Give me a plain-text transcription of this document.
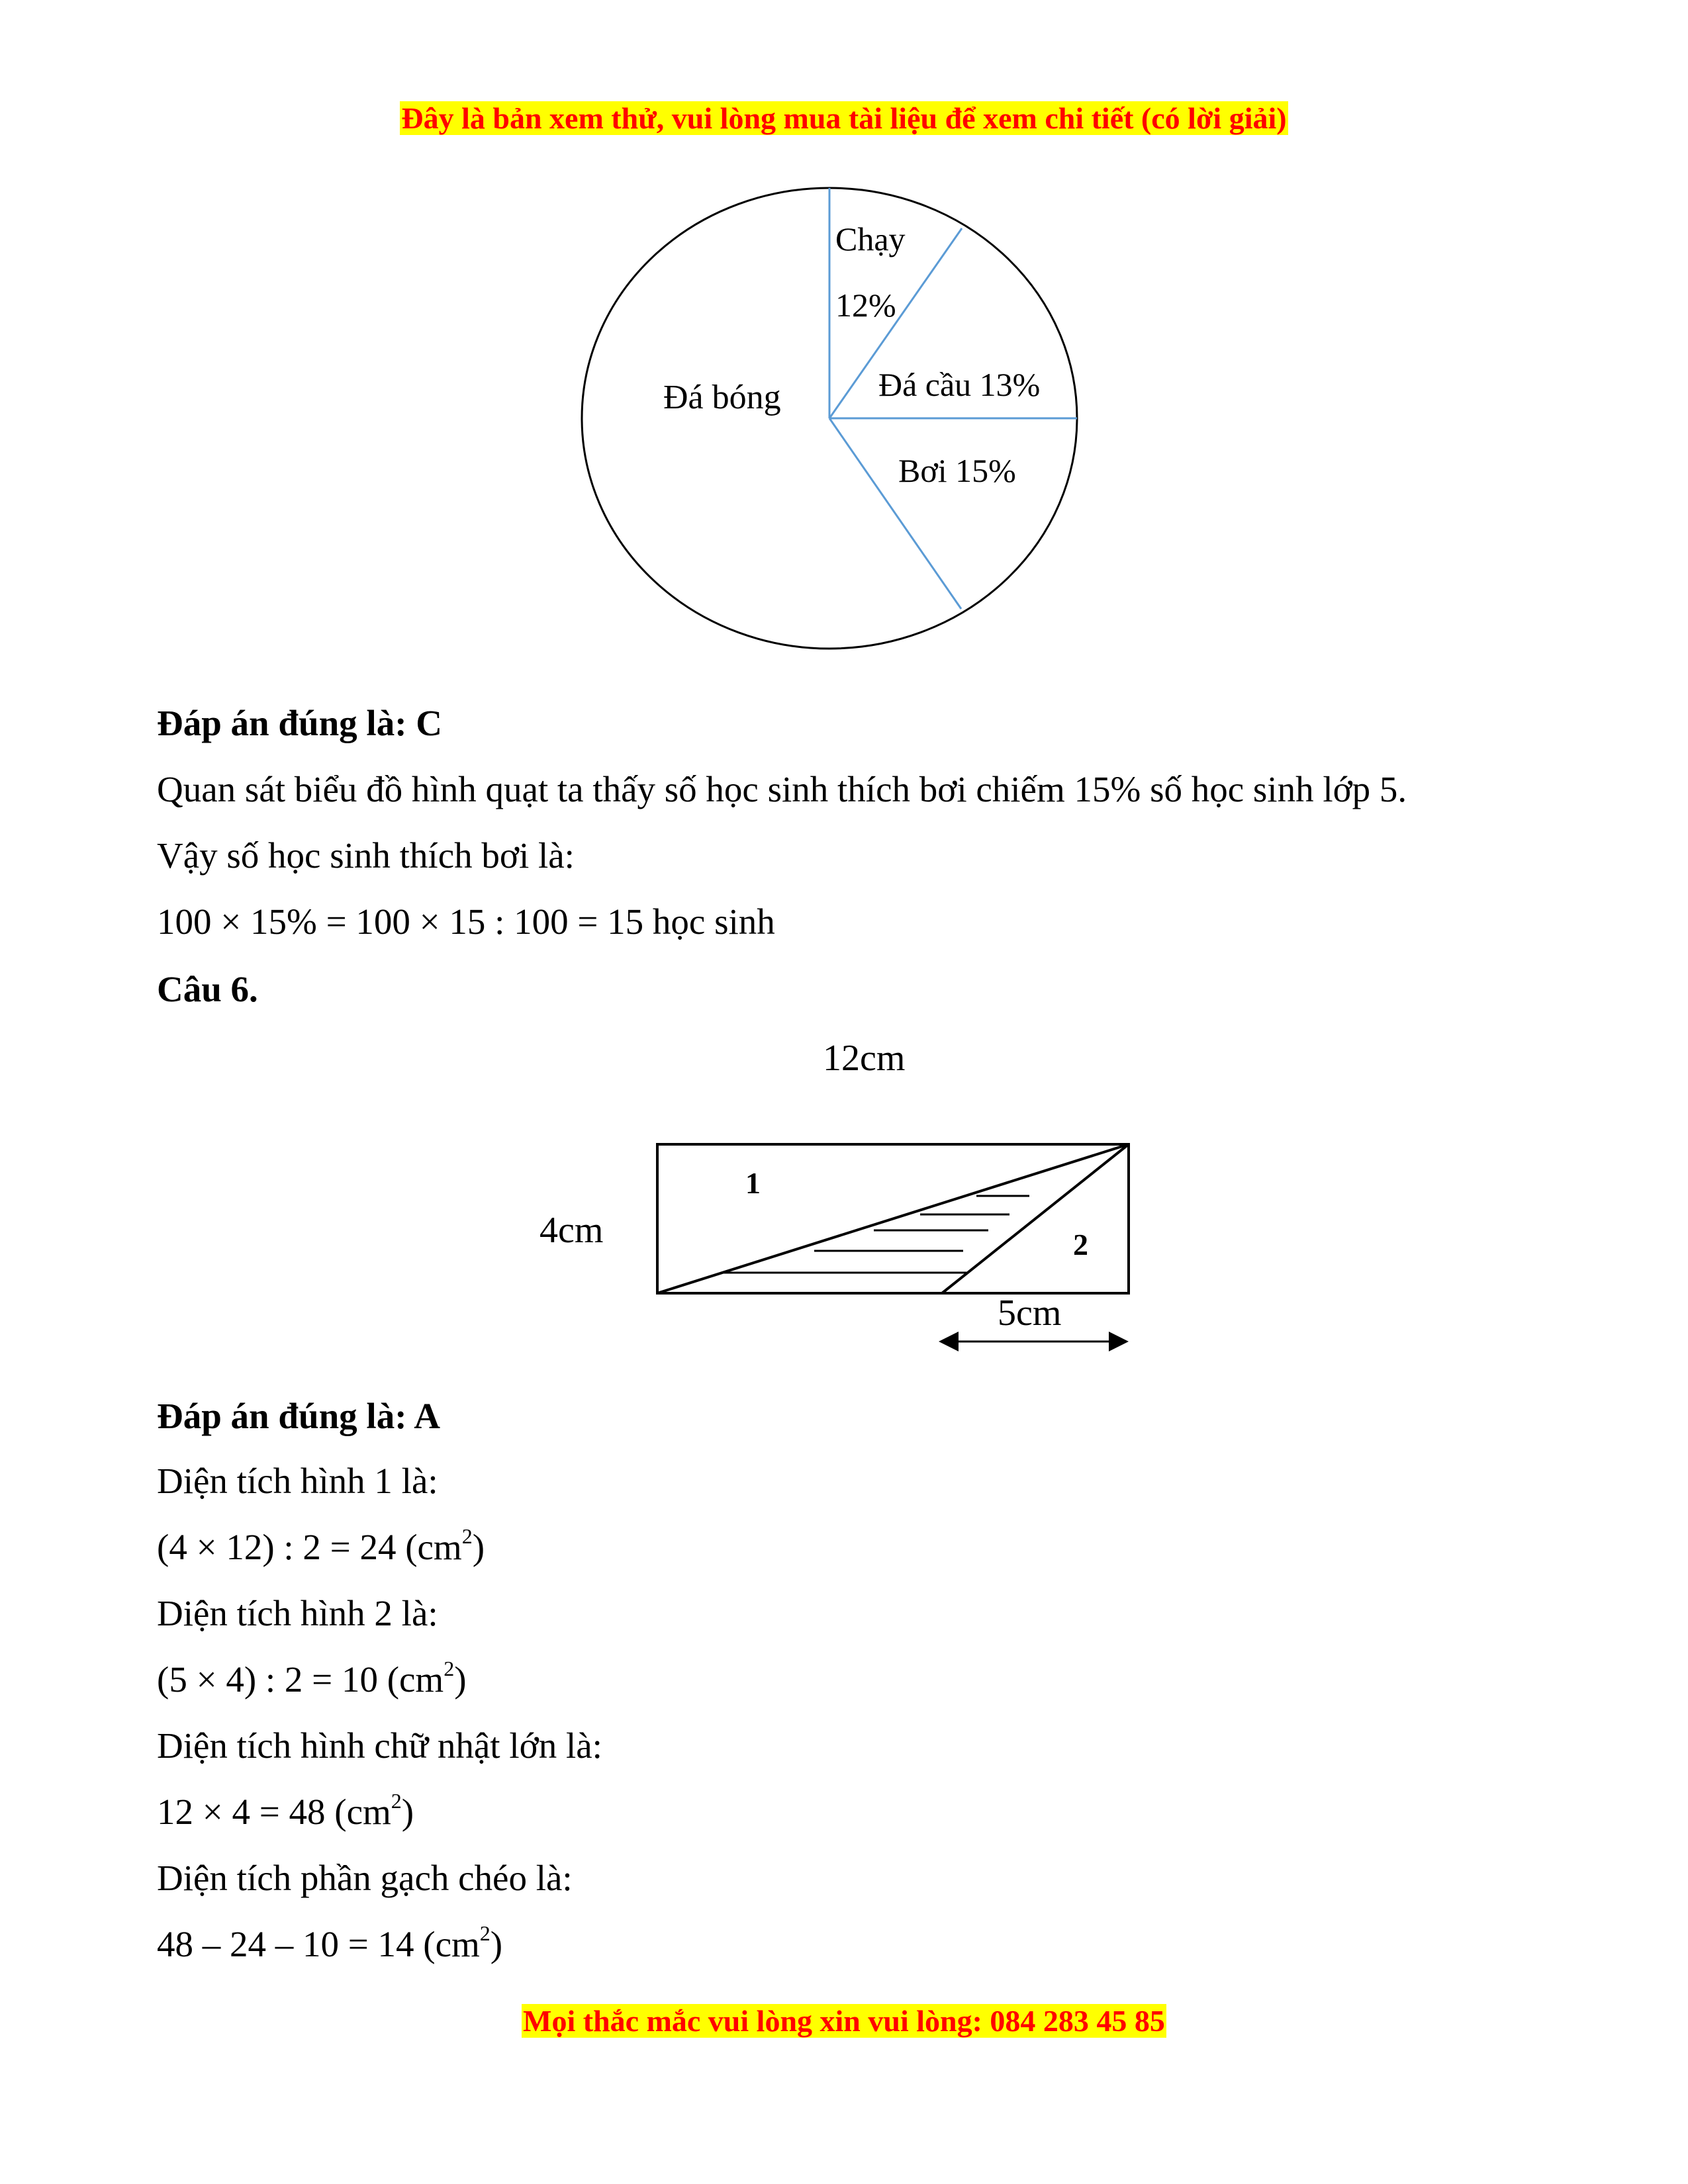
Đây là bản xem thử, vui lòng mua tài liệu để xem chi tiết (có lời giải)
Chạy
12%
Đá cầu 13%
Bơi 15%
Đá bóng
Đáp án đúng là: C
Quan sát biểu đồ hình quạt ta thấy số học sinh thích bơi chiếm 15% số học sinh lớp 5.
Vậy số học sinh thích bơi là:
100 × 15% = 100 × 15 : 100 = 15 học sinh
Câu 6.
12cm
4cm
1
2
5cm
Đáp án đúng là: A
Diện tích hình 1 là:
(4 × 12) : 2 = 24 $(cm^2)$
Diện tích hình 2 là:
(5 × 4) : 2 = 10 $(cm^2)$
Diện tích hình chữ nhật lớn là:
12 × 4 = 48 $(cm^2)$
Diện tích phần gạch chéo là:
48 – 24 – 10 = 14 $(cm^2)$
Mọi thắc mắc vui lòng xin vui lòng: 084 283 45 85
